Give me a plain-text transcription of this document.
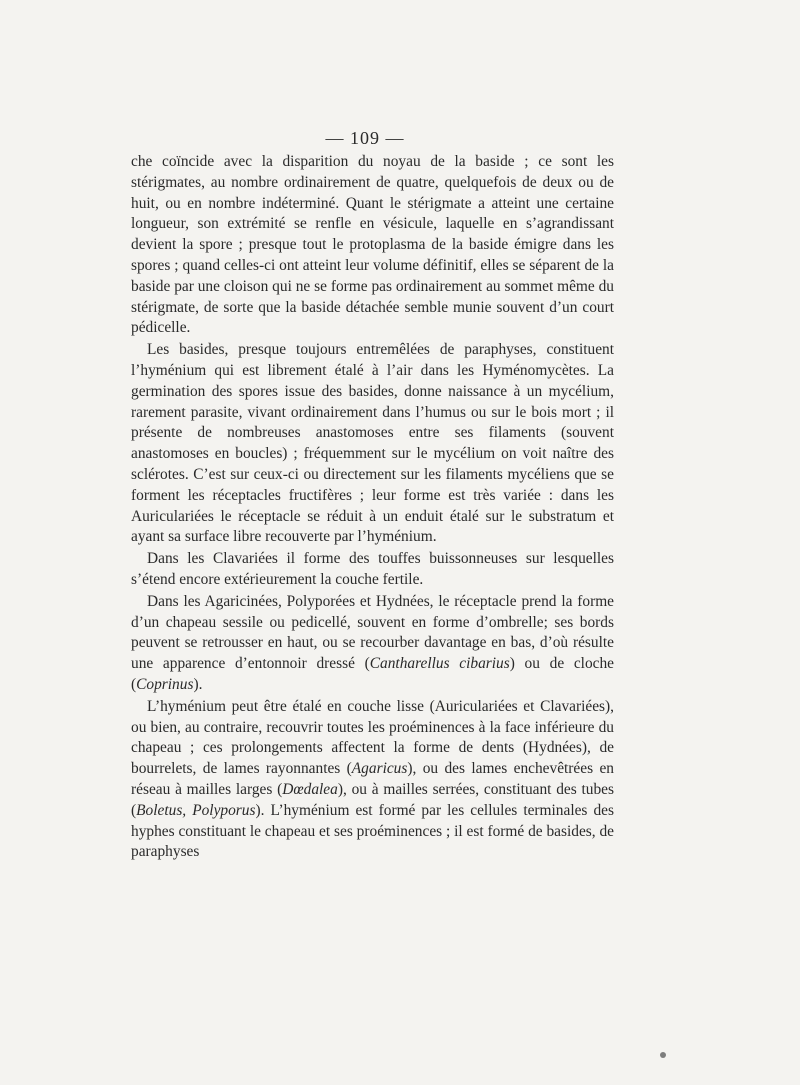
— 109 —

che coïncide avec la disparition du noyau de la baside ; ce sont les stérigmates, au nombre ordinairement de quatre, quelquefois de deux ou de huit, ou en nombre indéterminé. Quant le stérigmate a atteint une certaine longueur, son extrémité se renfle en vésicule, laquelle en s’agrandissant devient la spore ; presque tout le protoplasma de la baside émigre dans les spores ; quand celles-ci ont atteint leur volume définitif, elles se séparent de la baside par une cloison qui ne se forme pas ordinairement au sommet même du stérigmate, de sorte que la baside détachée semble munie souvent d’un court pédicelle.

Les basides, presque toujours entremêlées de paraphyses, constituent l’hyménium qui est librement étalé à l’air dans les Hyménomycètes. La germination des spores issue des basides, donne naissance à un mycélium, rarement parasite, vivant ordinairement dans l’humus ou sur le bois mort ; il présente de nombreuses anastomoses entre ses filaments (souvent anastomoses en boucles) ; fréquemment sur le mycélium on voit naître des sclérotes. C’est sur ceux-ci ou directement sur les filaments mycéliens que se forment les réceptacles fructifères ; leur forme est très variée : dans les Auriculariées le réceptacle se réduit à un enduit étalé sur le substratum et ayant sa surface libre recouverte par l’hyménium.

Dans les Clavariées il forme des touffes buissonneuses sur lesquelles s’étend encore extérieurement la couche fertile.

Dans les Agaricinées, Polyporées et Hydnées, le réceptacle prend la forme d’un chapeau sessile ou pedicellé, souvent en forme d’ombrelle; ses bords peuvent se retrousser en haut, ou se recourber davantage en bas, d’où résulte une apparence d’entonnoir dressé (Cantharellus cibarius) ou de cloche (Coprinus).

L’hyménium peut être étalé en couche lisse (Auriculariées et Clavariées), ou bien, au contraire, recouvrir toutes les proéminences à la face inférieure du chapeau ; ces prolongements affectent la forme de dents (Hydnées), de bourrelets, de lames rayonnantes (Agaricus), ou des lames enchevêtrées en réseau à mailles larges (Dœdalea), ou à mailles serrées, constituant des tubes (Boletus, Polyporus). L’hyménium est formé par les cellules terminales des hyphes constituant le chapeau et ses proéminences ; il est formé de basides, de paraphyses
